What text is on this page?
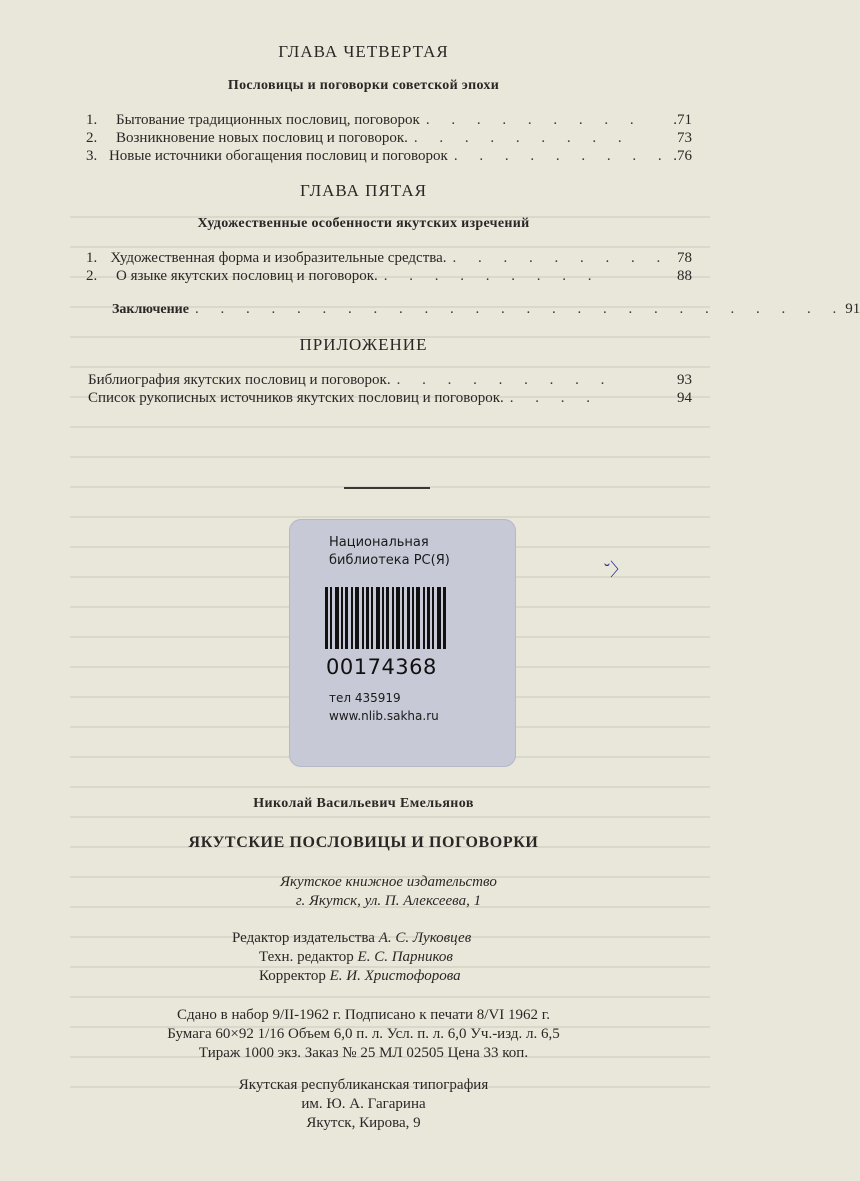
ГЛАВА ЧЕТВЕРТАЯ
Пословицы и поговорки советской эпохи
1.	Бытование традиционных пословиц, поговорок . . . . . . . . .	.71
2.	Возникновение новых пословиц и поговорок. . . . . . . . . .	73
3. Новые источники обогащения пословиц и поговорок . . . . . . . . . .76
ГЛАВА ПЯТАЯ
Художественные особенности якутских изречений
1. Художественная форма и изобразительные средства. . . . . . . . . . 78
2.	О языке якутских пословиц и поговорок. . . . . . . . . .	88
Заключение . . . . . . . . . . . . . . . . . . . . . . . . . . 91
ПРИЛОЖЕНИЕ
Библиография якутских пословиц и поговорок. . . . . . . . . .	93
Список рукописных источников якутских пословиц и поговорок. . . . .	94
Национальная
библиотека РС(Я)
00174368
тел 435919
www.nlib.sakha.ru
˘〉
Николай Васильевич Емельянов
ЯКУТСКИЕ ПОСЛОВИЦЫ И ПОГОВОРКИ
Якутское книжное издательство
г. Якутск, ул. П. Алексеева, 1
Редактор издательства А. С. Луковцев
Техн. редактор Е. С. Парников
Корректор Е. И. Христофорова
Сдано в набор 9/II-1962 г. Подписано к печати 8/VI 1962 г.
Бумага 60×92 1/16 Объем 6,0 п. л. Усл. п. л. 6,0 Уч.-изд. л. 6,5
Тираж 1000 экз. Заказ № 25 МЛ 02505 Цена 33 коп.
Якутская республиканская типография
им. Ю. А. Гагарина
Якутск, Кирова, 9
